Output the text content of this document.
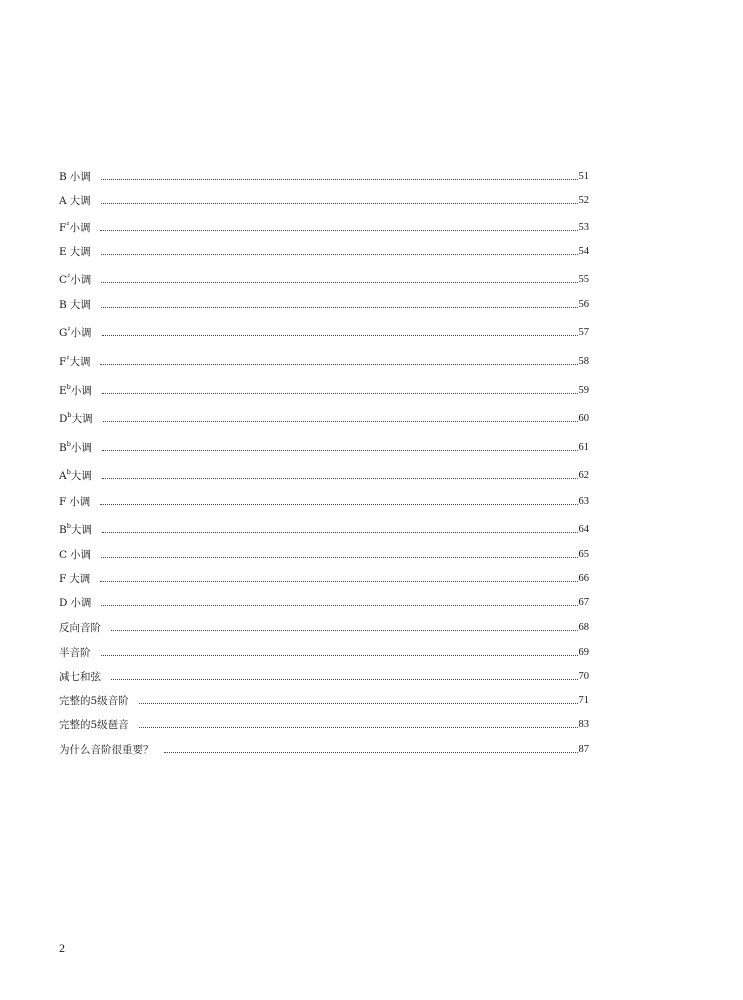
B 小调	51
A 大调	52
F♯小调	53
E 大调	54
C♯小调	55
B 大调	56
G♯小调	57
F♯大调	58
$E^b$小调	59
$D^b$大调	60
$B^b$小调	61
$A^b$大调	62
F 小调	63
$B^b$大调	64
C 小调	65
F 大调	66
D 小调	67
反向音阶	68
半音阶	69
减七和弦	70
完整的5级音阶	71
完整的5级琶音	83
为什么音阶很重要？	87
2
